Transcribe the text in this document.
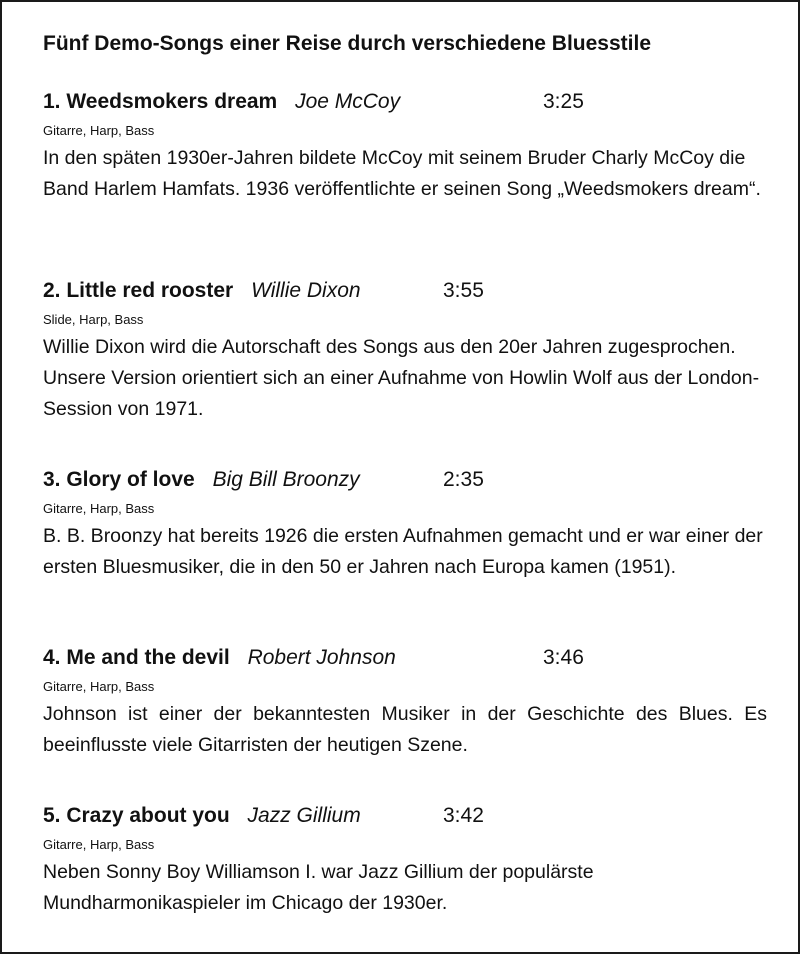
Fünf Demo-Songs einer Reise durch verschiedene Bluesstile
1. Weedsmokers dream Joe McCoy	3:25
Gitarre, Harp, Bass
In den späten 1930er-Jahren bildete McCoy mit seinem Bruder Charly McCoy die Band Harlem Hamfats. 1936 veröffentlichte er seinen Song „Weedsmokers dream“.
2. Little red rooster Willie Dixon	3:55
Slide, Harp, Bass
Willie Dixon wird die Autorschaft des Songs aus den 20er Jahren zugesprochen. Unsere Version orientiert sich an einer Aufnahme von Howlin Wolf aus der London-Session von 1971.
3. Glory of love Big Bill Broonzy	2:35
Gitarre, Harp, Bass
B. B. Broonzy hat bereits 1926 die ersten Aufnahmen gemacht und er war einer der ersten Bluesmusiker, die in den 50 er Jahren nach Europa kamen (1951).
4. Me and the devil Robert Johnson	3:46
Gitarre, Harp, Bass
Johnson ist einer der bekanntesten Musiker in der Geschichte des Blues. Es beeinflusste viele Gitarristen der heutigen Szene.
5. Crazy about you Jazz Gillium	3:42
Gitarre, Harp, Bass
Neben Sonny Boy Williamson I. war Jazz Gillium der populärste Mundharmonikaspieler im Chicago der 1930er.
